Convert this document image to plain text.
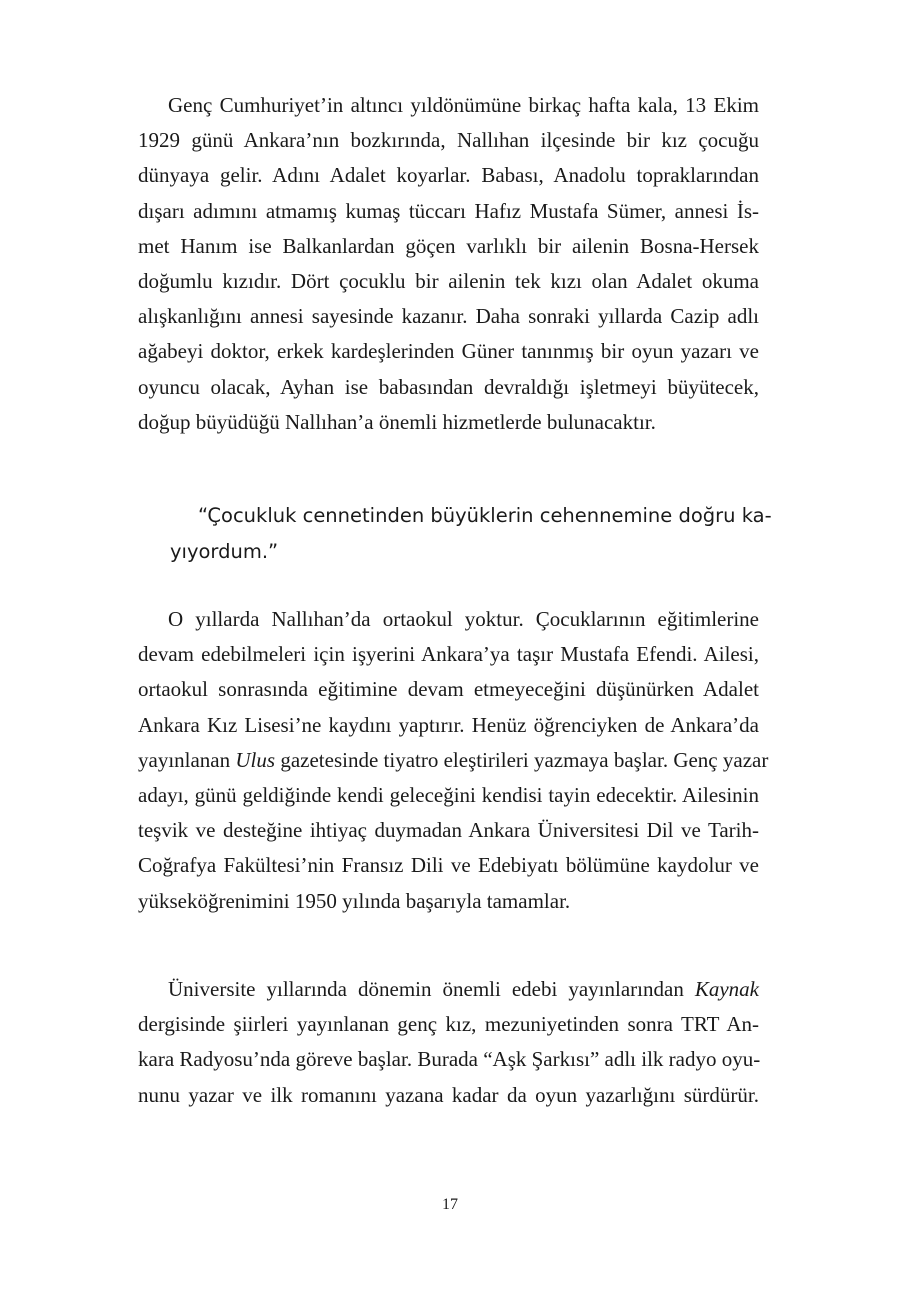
Genç Cumhuriyet’in altıncı yıldönümüne birkaç hafta kala, 13 Ekim
1929 günü Ankara’nın bozkırında, Nallıhan ilçesinde bir kız çocuğu
dünyaya gelir. Adını Adalet koyarlar. Babası, Anadolu topraklarından
dışarı adımını atmamış kumaş tüccarı Hafız Mustafa Sümer, annesi İs-
met Hanım ise Balkanlardan göçen varlıklı bir ailenin Bosna-Hersek
doğumlu kızıdır. Dört çocuklu bir ailenin tek kızı olan Adalet okuma
alışkanlığını annesi sayesinde kazanır. Daha sonraki yıllarda Cazip adlı
ağabeyi doktor, erkek kardeşlerinden Güner tanınmış bir oyun yazarı ve
oyuncu olacak, Ayhan ise babasından devraldığı işletmeyi büyütecek,
doğup büyüdüğü Nallıhan’a önemli hizmetlerde bulunacaktır.
“Çocukluk cennetinden büyüklerin cehennemine doğru ka-
yıyordum.”
O yıllarda Nallıhan’da ortaokul yoktur. Çocuklarının eğitimlerine
devam edebilmeleri için işyerini Ankara’ya taşır Mustafa Efendi. Ailesi,
ortaokul sonrasında eğitimine devam etmeyeceğini düşünürken Adalet
Ankara Kız Lisesi’ne kaydını yaptırır. Henüz öğrenciyken de Ankara’da
yayınlanan Ulus gazetesinde tiyatro eleştirileri yazmaya başlar. Genç yazar
adayı, günü geldiğinde kendi geleceğini kendisi tayin edecektir. Ailesinin
teşvik ve desteğine ihtiyaç duymadan Ankara Üniversitesi Dil ve Tarih-
Coğrafya Fakültesi’nin Fransız Dili ve Edebiyatı bölümüne kaydolur ve
yükseköğrenimini 1950 yılında başarıyla tamamlar.
Üniversite yıllarında dönemin önemli edebi yayınlarından Kaynak
dergisinde şiirleri yayınlanan genç kız, mezuniyetinden sonra TRT An-
kara Radyosu’nda göreve başlar. Burada “Aşk Şarkısı” adlı ilk radyo oyu-
nunu yazar ve ilk romanını yazana kadar da oyun yazarlığını sürdürür.
17
